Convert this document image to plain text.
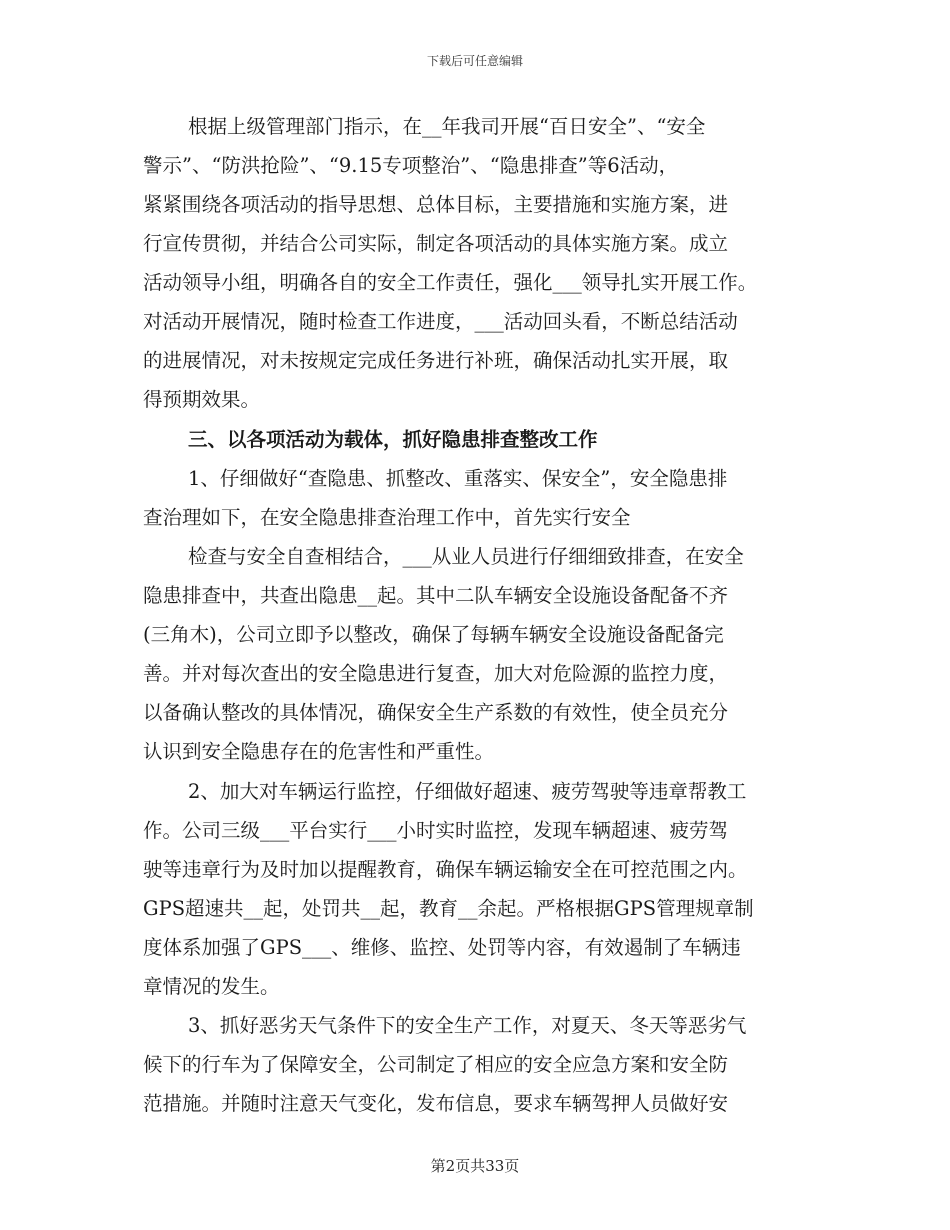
下载后可任意编辑
根据上级管理部门指示，在__年我司开展“百日安全”、“安全
警示”、“防洪抢险”、“9.15专项整治”、“隐患排查”等6活动，
紧紧围绕各项活动的指导思想、总体目标，主要措施和实施方案，进
行宣传贯彻，并结合公司实际，制定各项活动的具体实施方案。成立
活动领导小组，明确各自的安全工作责任，强化___领导扎实开展工作。
对活动开展情况，随时检查工作进度，___活动回头看，不断总结活动
的进展情况，对未按规定完成任务进行补班，确保活动扎实开展，取
得预期效果。
三、以各项活动为载体，抓好隐患排查整改工作
1、仔细做好“查隐患、抓整改、重落实、保安全”，安全隐患排
查治理如下，在安全隐患排查治理工作中，首先实行安全
检查与安全自查相结合，___从业人员进行仔细细致排查，在安全
隐患排查中，共查出隐患__起。其中二队车辆安全设施设备配备不齐
(三角木)，公司立即予以整改，确保了每辆车辆安全设施设备配备完
善。并对每次查出的安全隐患进行复查，加大对危险源的监控力度，
以备确认整改的具体情况，确保安全生产系数的有效性，使全员充分
认识到安全隐患存在的危害性和严重性。
2、加大对车辆运行监控，仔细做好超速、疲劳驾驶等违章帮教工
作。公司三级___平台实行___小时实时监控，发现车辆超速、疲劳驾
驶等违章行为及时加以提醒教育，确保车辆运输安全在可控范围之内。
GPS超速共__起，处罚共__起，教育__余起。严格根据GPS管理规章制
度体系加强了GPS___、维修、监控、处罚等内容，有效遏制了车辆违
章情况的发生。
3、抓好恶劣天气条件下的安全生产工作，对夏天、冬天等恶劣气
候下的行车为了保障安全，公司制定了相应的安全应急方案和安全防
范措施。并随时注意天气变化，发布信息，要求车辆驾押人员做好安
第2页共33页
